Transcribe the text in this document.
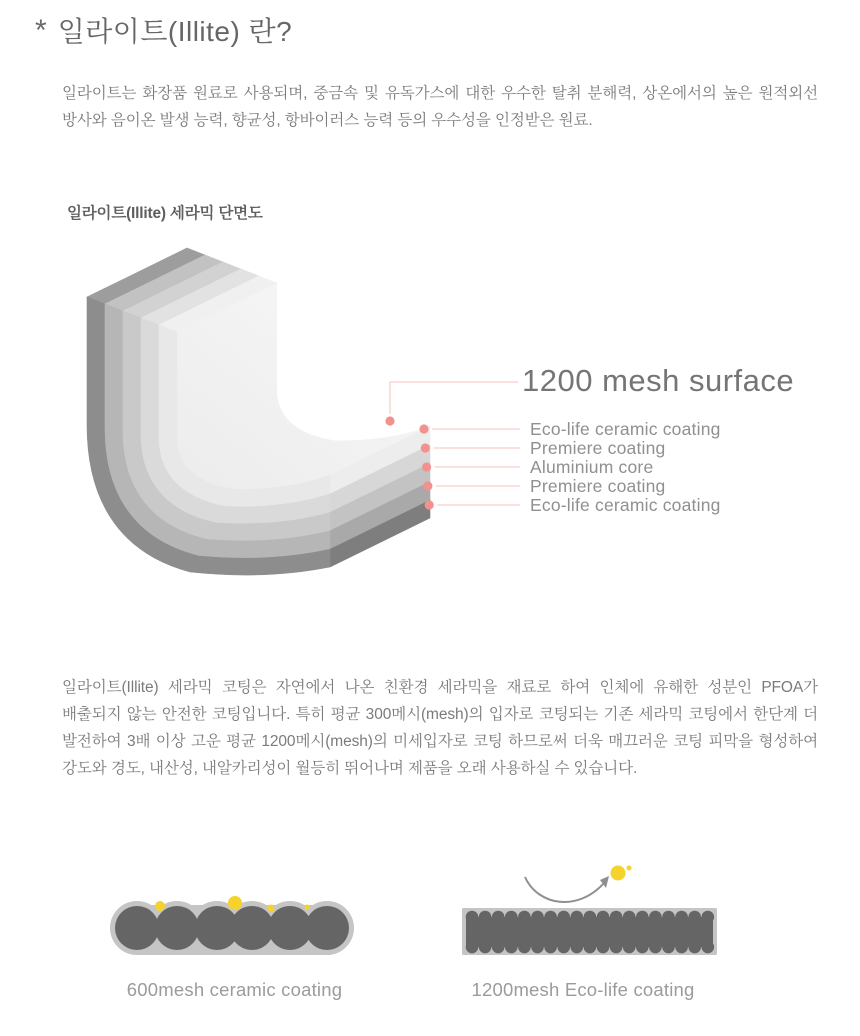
* 일라이트(Illite) 란?

일라이트는 화장품 원료로 사용되며, 중금속 및 유독가스에 대한 우수한 탈취 분해력, 상온에서의 높은 원적외선 방사와 음이온 발생 능력, 향균성, 항바이러스 능력 등의 우수성을 인정받은 원료.

일라이트(Illite) 세라믹 단면도
1200 mesh surface
Eco-life ceramic coating
Premiere coating
Aluminium core
Premiere coating
Eco-life ceramic coating

일라이트(Illite) 세라믹 코팅은 자연에서 나온 친환경 세라믹을 재료로 하여 인체에 유해한 성분인 PFOA가 배출되지 않는 안전한 코팅입니다. 특히 평균 300메시(mesh)의 입자로 코팅되는 기존 세라믹 코팅에서 한단계 더 발전하여 3배 이상 고운 평균 1200메시(mesh)의 미세입자로 코팅 하므로써 더욱 매끄러운 코팅 피막을 형성하여 강도와 경도, 내산성, 내알카리성이 월등히 뛰어나며 제품을 오래 사용하실 수 있습니다.

600mesh ceramic coating	1200mesh Eco-life coating
